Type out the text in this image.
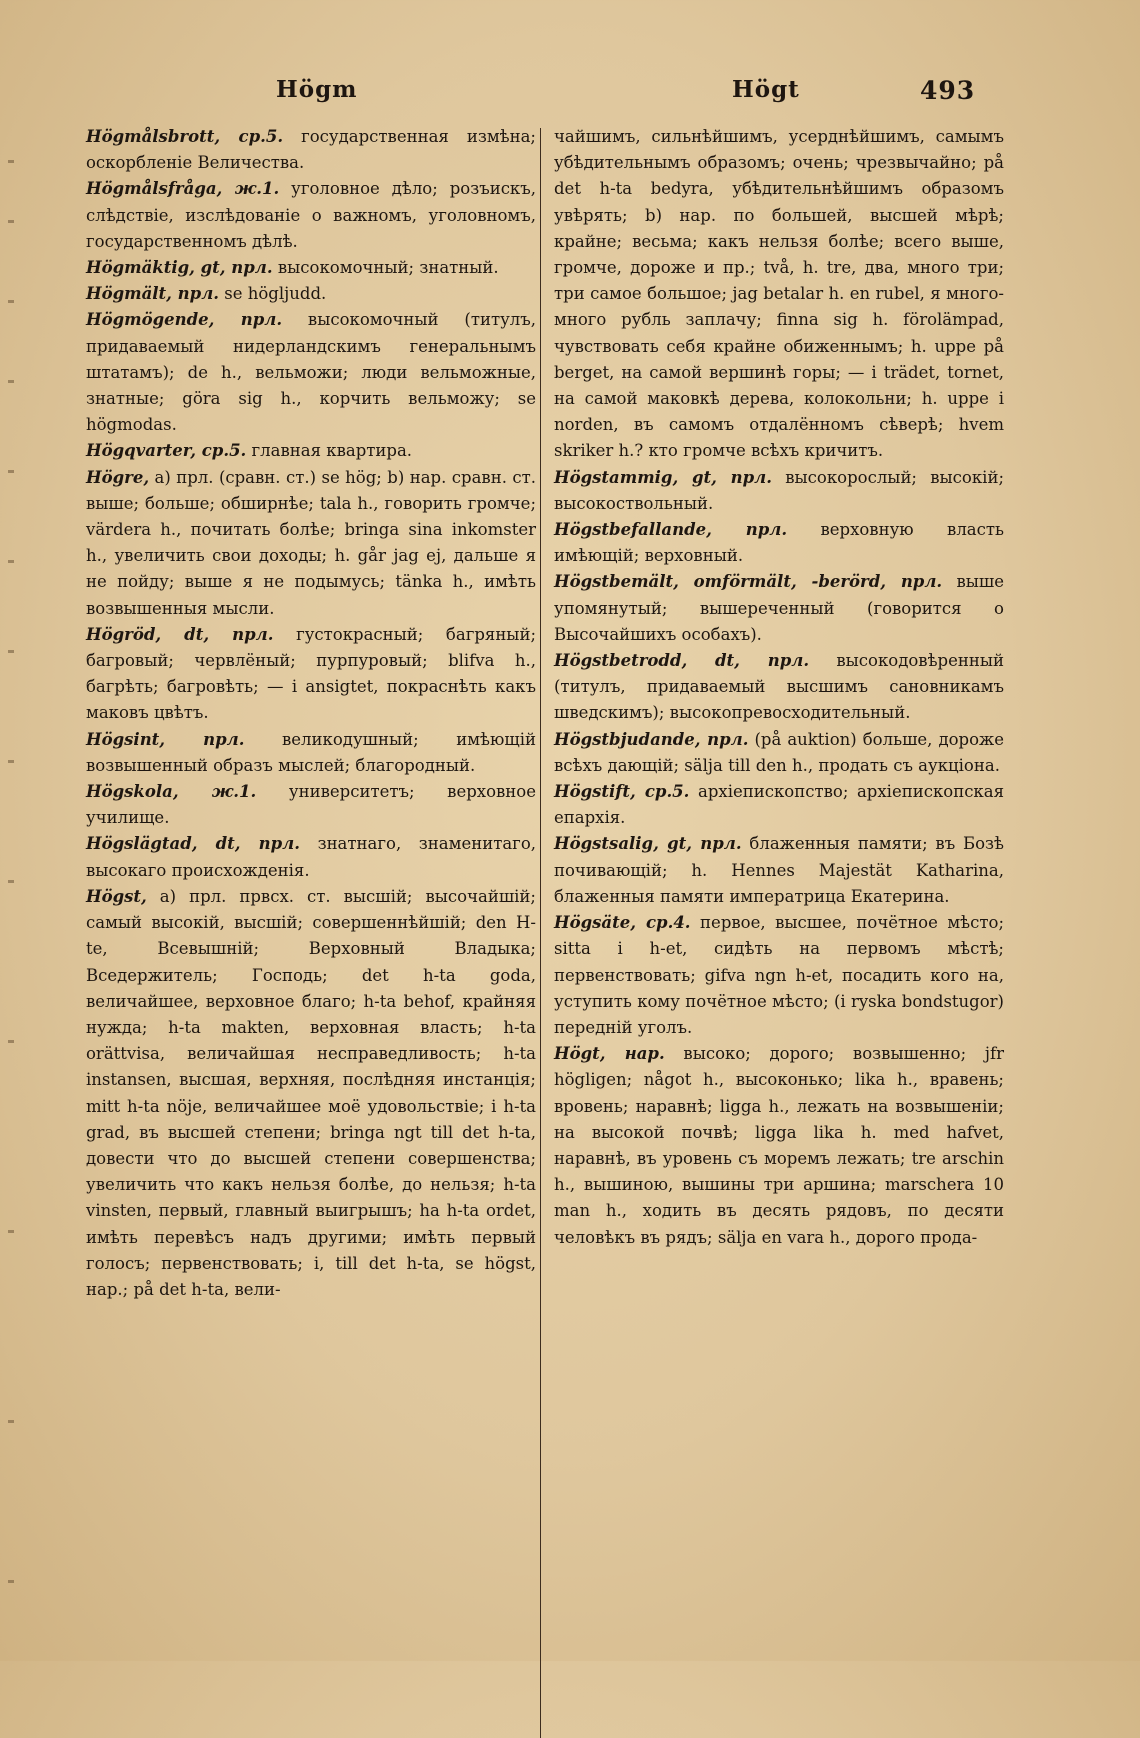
Högm	Högt	493

Högmålsbrott, ср.5. государственная измѣна; оскорбленіе Величества.

Högmålsfråga, ж.1. уголовное дѣло; розъискъ, слѣдствіе, изслѣдованіе о важномъ, уголовномъ, государственномъ дѣлѣ.

Högmäktig, gt, прл. высокомочный; знатный.

Högmält, прл. se högljudd.

Högmögende, прл. высокомочный (титулъ, придаваемый нидерландскимъ генеральнымъ штатамъ); de h., вельможи; люди вельможные, знатные; göra sig h., корчить вельможу; se högmodas.

Högqvarter, ср.5. главная квартира.

Högre, a) прл. (сравн. ст.) se hög; b) нар. сравн. ст. выше; больше; обширнѣе; tala h., говорить громче; värdera h., почитать болѣе; bringa sina inkomster h., увеличить свои доходы; h. går jag ej, дальше я не пойду; выше я не подымусь; tänka h., имѣть возвышенныя мысли.

Högröd, dt, прл. густокрасный; багряный; багровый; червлёный; пурпуровый; blifva h., багрѣть; багровѣть; — i ansigtet, покраснѣть какъ маковъ цвѣтъ.

Högsint, прл. великодушный; имѣющій возвышенный образъ мыслей; благородный.

Högskola, ж.1. университетъ; верховное училище.

Högslägtad, dt, прл. знатнаго, знаменитаго, высокаго происхожденія.

Högst, a) прл. првсх. ст. высшій; высочайшій; самый высокій, высшій; совершеннѣйшій; den H-te, Всевышній; Верховный Владыка; Вседержитель; Господь; det h-ta goda, величайшее, верховное благо; h-ta behof, крайняя нужда; h-ta makten, верховная власть; h-ta orättvisa, величайшая несправедливость; h-ta instansen, высшая, верхняя, послѣдняя инстанція; mitt h-ta nöje, величайшее моё удовольствіе; i h-ta grad, въ высшей степени; bringa ngt till det h-ta, довести что до высшей степени совершенства; увеличить что какъ нельзя болѣе, до нельзя; h-ta vinsten, первый, главный выигрышъ; ha h-ta ordet, имѣть перевѣсъ надъ другими; имѣть первый голосъ; первенствовать; i, till det h-ta, se högst, нар.; på det h-ta, вели-

чайшимъ, сильнѣйшимъ, усерднѣйшимъ, самымъ убѣдительнымъ образомъ; очень; чрезвычайно; på det h-ta bedyra, убѣдительнѣйшимъ образомъ увѣрять; b) нар. по большей, высшей мѣрѣ; крайне; весьма; какъ нельзя болѣе; всего выше, громче, дороже и пр.; två, h. tre, два, много три; три самое большое; jag betalar h. en rubel, я много-много рубль заплачу; finna sig h. förolämpad, чувствовать себя крайне обиженнымъ; h. uppe på berget, на самой вершинѣ горы; — i trädet, tornet, на самой маковкѣ дерева, колокольни; h. uppe i norden, въ самомъ отдалённомъ сѣверѣ; hvem skriker h.? кто громче всѣхъ кричитъ.

Högstammig, gt, прл. высокорослый; высокій; высокоствольный.

Högstbefallande, прл. верховную власть имѣющій; верховный.

Högstbemält, omförmält, -berörd, прл. выше упомянутый; вышереченный (говорится о Высочайшихъ особахъ).

Högstbetrodd, dt, прл. высокодовѣренный (титулъ, придаваемый высшимъ сановникамъ шведскимъ); высокопревосходительный.

Högstbjudande, прл. (på auktion) больше, дороже всѣхъ дающій; sälja till den h., продать съ аукціона.

Högstift, ср.5. архіепископство; архіепископская епархія.

Högstsalig, gt, прл. блаженныя памяти; въ Бозѣ почивающій; h. Hennes Majestät Katharina, блаженныя памяти императрица Екатерина.

Högsäte, ср.4. первое, высшее, почётное мѣсто; sitta i h-et, сидѣть на первомъ мѣстѣ; первенствовать; gifva ngn h-et, посадить кого на, уступить кому почётное мѣсто; (i ryska bondstugor) передній уголъ.

Högt, нар. высоко; дорого; возвышенно; jfr högligen; något h., высоконько; lika h., вравень; вровень; наравнѣ; ligga h., лежать на возвышеніи; на высокой почвѣ; ligga lika h. med hafvet, наравнѣ, въ уровень съ моремъ лежать; tre arschin h., вышиною, вышины три аршина; marschera 10 man h., ходить въ десять рядовъ, по десяти человѣкъ въ рядъ; sälja en vara h., дорого прода-
